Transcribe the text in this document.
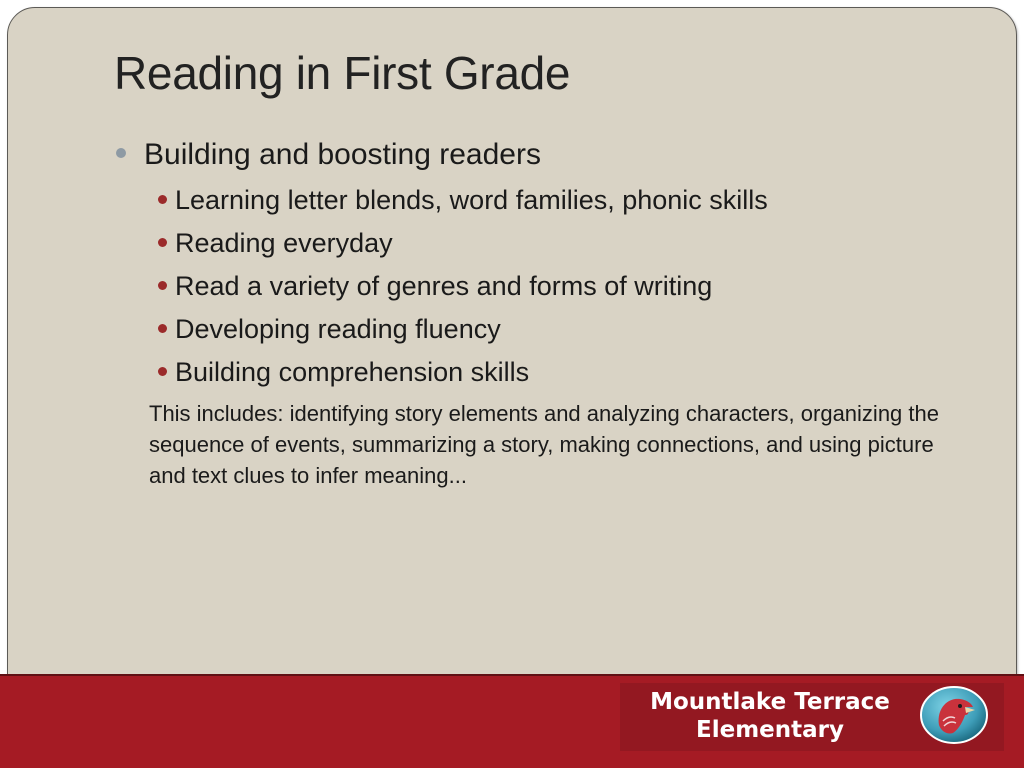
Reading in First Grade
Building and boosting readers
Learning letter blends, word families, phonic skills
Reading everyday
Read a variety of genres and forms of writing
Developing reading fluency
Building comprehension skills

This includes: identifying story elements and analyzing characters, organizing the sequence of events, summarizing a story, making connections, and using picture and text clues to infer meaning...

Mountlake Terrace
Elementary
